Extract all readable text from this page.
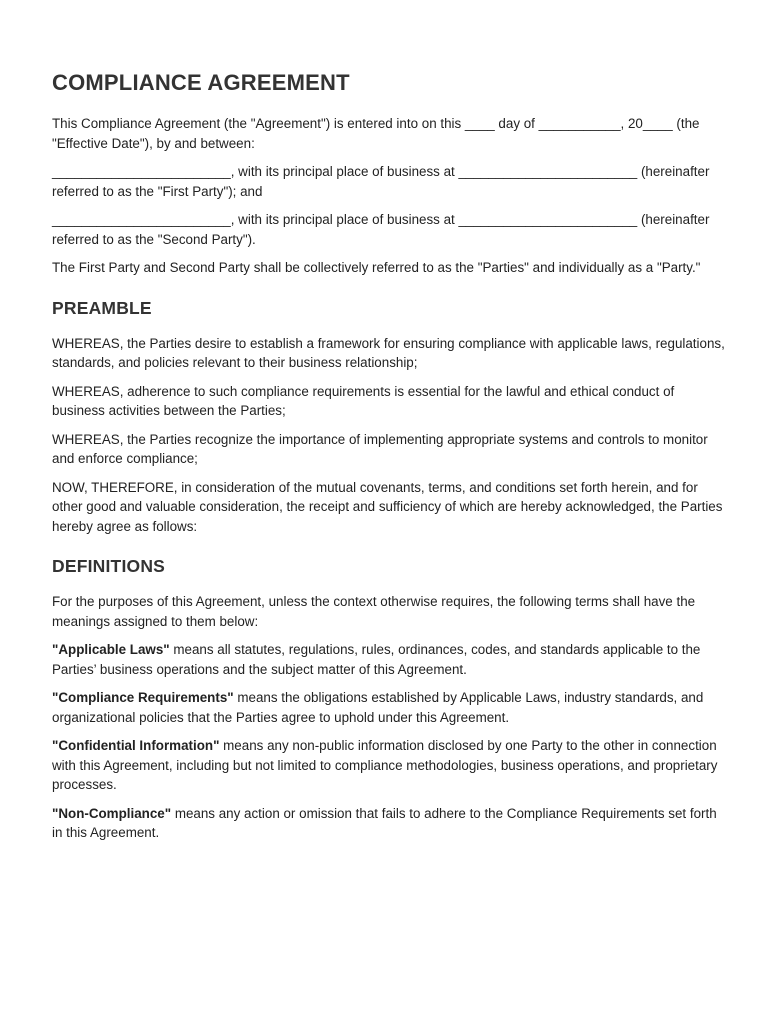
COMPLIANCE AGREEMENT

This Compliance Agreement (the "Agreement") is entered into on this ____ day of ___________, 20____ (the "Effective Date"), by and between:

________________________, with its principal place of business at ________________________ (hereinafter referred to as the "First Party"); and

________________________, with its principal place of business at ________________________ (hereinafter referred to as the "Second Party").

The First Party and Second Party shall be collectively referred to as the "Parties" and individually as a "Party."

PREAMBLE

WHEREAS, the Parties desire to establish a framework for ensuring compliance with applicable laws, regulations, standards, and policies relevant to their business relationship;

WHEREAS, adherence to such compliance requirements is essential for the lawful and ethical conduct of business activities between the Parties;

WHEREAS, the Parties recognize the importance of implementing appropriate systems and controls to monitor and enforce compliance;

NOW, THEREFORE, in consideration of the mutual covenants, terms, and conditions set forth herein, and for other good and valuable consideration, the receipt and sufficiency of which are hereby acknowledged, the Parties hereby agree as follows:

DEFINITIONS

For the purposes of this Agreement, unless the context otherwise requires, the following terms shall have the meanings assigned to them below:

"Applicable Laws" means all statutes, regulations, rules, ordinances, codes, and standards applicable to the Parties’ business operations and the subject matter of this Agreement.

"Compliance Requirements" means the obligations established by Applicable Laws, industry standards, and organizational policies that the Parties agree to uphold under this Agreement.

"Confidential Information" means any non-public information disclosed by one Party to the other in connection with this Agreement, including but not limited to compliance methodologies, business operations, and proprietary processes.

"Non-Compliance" means any action or omission that fails to adhere to the Compliance Requirements set forth in this Agreement.
